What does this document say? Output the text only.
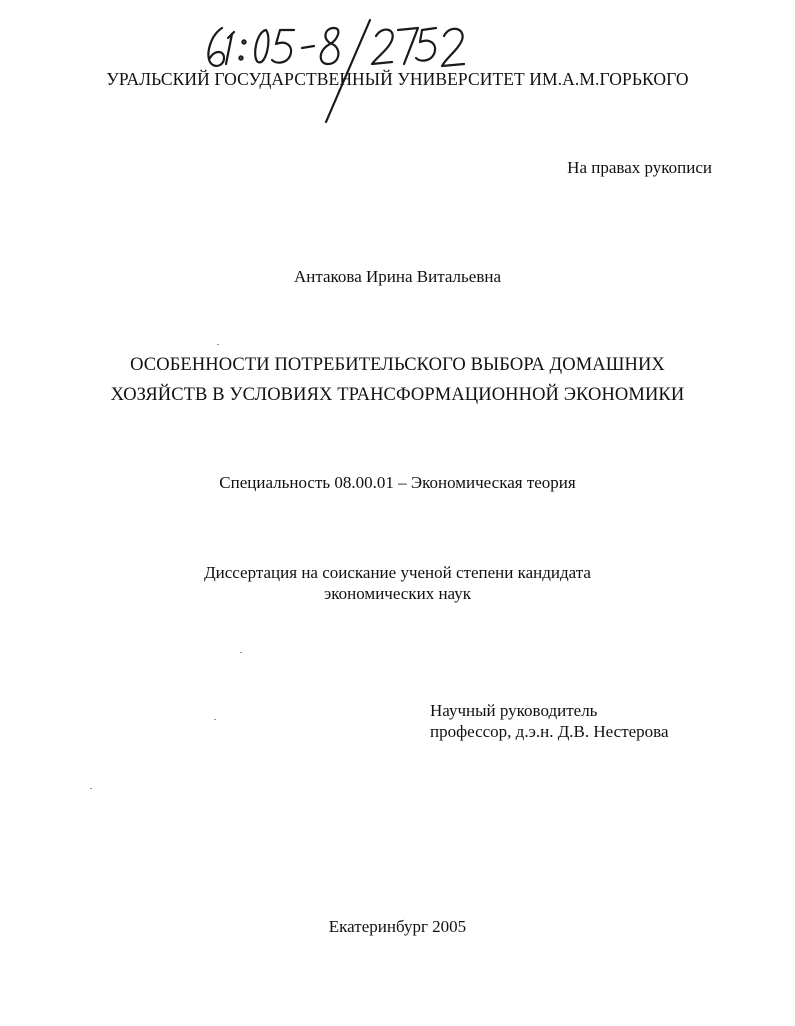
УРАЛЬСКИЙ ГОСУДАРСТВЕННЫЙ УНИВЕРСИТЕТ ИМ.А.М.ГОРЬКОГО
На правах рукописи
Антакова Ирина Витальевна
ОСОБЕННОСТИ ПОТРЕБИТЕЛЬСКОГО ВЫБОРА ДОМАШНИХ
ХОЗЯЙСТВ В УСЛОВИЯХ ТРАНСФОРМАЦИОННОЙ ЭКОНОМИКИ
Специальность 08.00.01 – Экономическая теория
Диссертация на соискание ученой степени кандидата
экономических наук
Научный руководитель
профессор, д.э.н. Д.В. Нестерова
Екатеринбург 2005
